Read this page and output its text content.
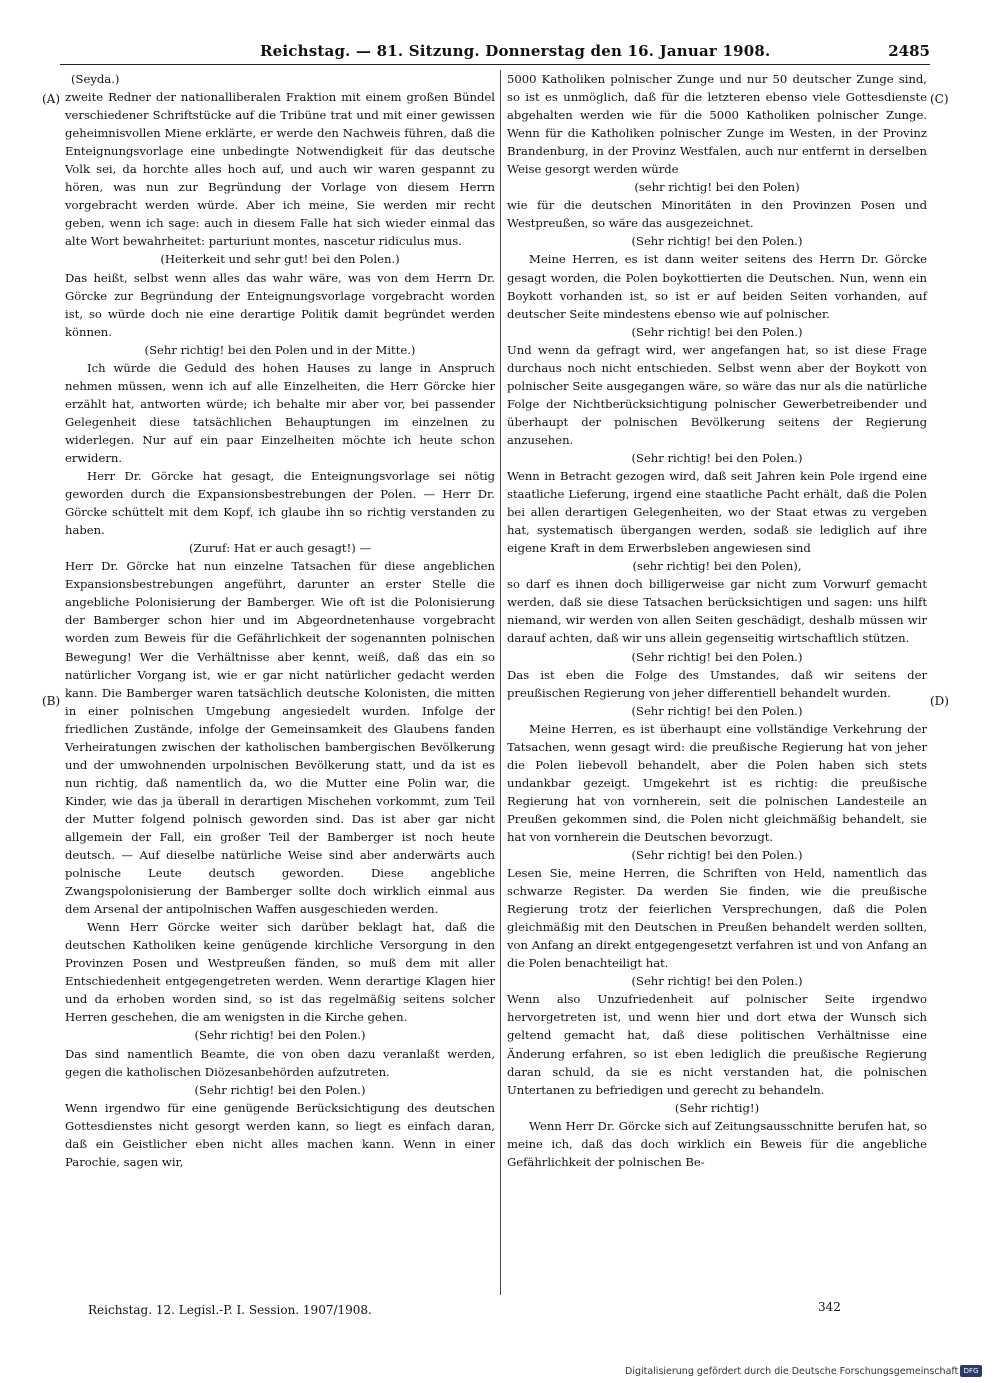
Reichstag. — 81. Sitzung. Donnerstag den 16. Januar 1908.	2485
(A)
(B)
(C)
(D)

(Seyda.)

zweite Redner der nationalliberalen Fraktion mit einem großen Bündel verschiedener Schriftstücke auf die Tribüne trat und mit einer gewissen geheimnisvollen Miene erklärte, er werde den Nachweis führen, daß die Enteignungsvorlage eine unbedingte Notwendigkeit für das deutsche Volk sei, da horchte alles hoch auf, und auch wir waren gespannt zu hören, was nun zur Begründung der Vorlage von diesem Herrn vorgebracht werden würde. Aber ich meine, Sie werden mir recht geben, wenn ich sage: auch in diesem Falle hat sich wieder einmal das alte Wort bewahrheitet: parturiunt montes, nascetur ridiculus mus.

(Heiterkeit und sehr gut! bei den Polen.)

Das heißt, selbst wenn alles das wahr wäre, was von dem Herrn Dr. Görcke zur Begründung der Enteignungsvorlage vorgebracht worden ist, so würde doch nie eine derartige Politik damit begründet werden können.

(Sehr richtig! bei den Polen und in der Mitte.)

Ich würde die Geduld des hohen Hauses zu lange in Anspruch nehmen müssen, wenn ich auf alle Einzelheiten, die Herr Görcke hier erzählt hat, antworten würde; ich behalte mir aber vor, bei passender Gelegenheit diese tatsächlichen Behauptungen im einzelnen zu widerlegen. Nur auf ein paar Einzelheiten möchte ich heute schon erwidern.

Herr Dr. Görcke hat gesagt, die Enteignungsvorlage sei nötig geworden durch die Expansionsbestrebungen der Polen. — Herr Dr. Görcke schüttelt mit dem Kopf, ich glaube ihn so richtig verstanden zu haben.

(Zuruf: Hat er auch gesagt!) —

Herr Dr. Görcke hat nun einzelne Tatsachen für diese angeblichen Expansionsbestrebungen angeführt, darunter an erster Stelle die angebliche Polonisierung der Bamberger. Wie oft ist die Polonisierung der Bamberger schon hier und im Abgeordnetenhause vorgebracht worden zum Beweis für die Gefährlichkeit der sogenannten polnischen Bewegung! Wer die Verhältnisse aber kennt, weiß, daß das ein so natürlicher Vorgang ist, wie er gar nicht natürlicher gedacht werden kann. Die Bamberger waren tatsächlich deutsche Kolonisten, die mitten in einer polnischen Umgebung angesiedelt wurden. Infolge der friedlichen Zustände, infolge der Gemeinsamkeit des Glaubens fanden Verheiratungen zwischen der katholischen bambergischen Bevölkerung und der umwohnenden urpolnischen Bevölkerung statt, und da ist es nun richtig, daß namentlich da, wo die Mutter eine Polin war, die Kinder, wie das ja überall in derartigen Mischehen vorkommt, zum Teil der Mutter folgend polnisch geworden sind. Das ist aber gar nicht allgemein der Fall, ein großer Teil der Bamberger ist noch heute deutsch. — Auf dieselbe natürliche Weise sind aber anderwärts auch polnische Leute deutsch geworden. Diese angebliche Zwangspolonisierung der Bamberger sollte doch wirklich einmal aus dem Arsenal der antipolnischen Waffen ausgeschieden werden.

Wenn Herr Görcke weiter sich darüber beklagt hat, daß die deutschen Katholiken keine genügende kirchliche Versorgung in den Provinzen Posen und Westpreußen fänden, so muß dem mit aller Entschiedenheit entgegengetreten werden. Wenn derartige Klagen hier und da erhoben worden sind, so ist das regelmäßig seitens solcher Herren geschehen, die am wenigsten in die Kirche gehen.

(Sehr richtig! bei den Polen.)

Das sind namentlich Beamte, die von oben dazu veranlaßt werden, gegen die katholischen Diözesanbehörden aufzutreten.

(Sehr richtig! bei den Polen.)

Wenn irgendwo für eine genügende Berücksichtigung des deutschen Gottesdienstes nicht gesorgt werden kann, so liegt es einfach daran, daß ein Geistlicher eben nicht alles machen kann. Wenn in einer Parochie, sagen wir,

5000 Katholiken polnischer Zunge und nur 50 deutscher Zunge sind, so ist es unmöglich, daß für die letzteren ebenso viele Gottesdienste abgehalten werden wie für die 5000 Katholiken polnischer Zunge. Wenn für die Katholiken polnischer Zunge im Westen, in der Provinz Brandenburg, in der Provinz Westfalen, auch nur entfernt in derselben Weise gesorgt werden würde

(sehr richtig! bei den Polen)

wie für die deutschen Minoritäten in den Provinzen Posen und Westpreußen, so wäre das ausgezeichnet.

(Sehr richtig! bei den Polen.)

Meine Herren, es ist dann weiter seitens des Herrn Dr. Görcke gesagt worden, die Polen boykottierten die Deutschen. Nun, wenn ein Boykott vorhanden ist, so ist er auf beiden Seiten vorhanden, auf deutscher Seite mindestens ebenso wie auf polnischer.

(Sehr richtig! bei den Polen.)

Und wenn da gefragt wird, wer angefangen hat, so ist diese Frage durchaus noch nicht entschieden. Selbst wenn aber der Boykott von polnischer Seite ausgegangen wäre, so wäre das nur als die natürliche Folge der Nichtberücksichtigung polnischer Gewerbetreibender und überhaupt der polnischen Bevölkerung seitens der Regierung anzusehen.

(Sehr richtig! bei den Polen.)

Wenn in Betracht gezogen wird, daß seit Jahren kein Pole irgend eine staatliche Lieferung, irgend eine staatliche Pacht erhält, daß die Polen bei allen derartigen Gelegenheiten, wo der Staat etwas zu vergeben hat, systematisch übergangen werden, sodaß sie lediglich auf ihre eigene Kraft in dem Erwerbsleben angewiesen sind

(sehr richtig! bei den Polen),

so darf es ihnen doch billigerweise gar nicht zum Vorwurf gemacht werden, daß sie diese Tatsachen berücksichtigen und sagen: uns hilft niemand, wir werden von allen Seiten geschädigt, deshalb müssen wir darauf achten, daß wir uns allein gegenseitig wirtschaftlich stützen.

(Sehr richtig! bei den Polen.)

Das ist eben die Folge des Umstandes, daß wir seitens der preußischen Regierung von jeher differentiell behandelt wurden.

(Sehr richtig! bei den Polen.)

Meine Herren, es ist überhaupt eine vollständige Verkehrung der Tatsachen, wenn gesagt wird: die preußische Regierung hat von jeher die Polen liebevoll behandelt, aber die Polen haben sich stets undankbar gezeigt. Umgekehrt ist es richtig: die preußische Regierung hat von vornherein, seit die polnischen Landesteile an Preußen gekommen sind, die Polen nicht gleichmäßig behandelt, sie hat von vornherein die Deutschen bevorzugt.

(Sehr richtig! bei den Polen.)

Lesen Sie, meine Herren, die Schriften von Held, namentlich das schwarze Register. Da werden Sie finden, wie die preußische Regierung trotz der feierlichen Versprechungen, daß die Polen gleichmäßig mit den Deutschen in Preußen behandelt werden sollten, von Anfang an direkt entgegengesetzt verfahren ist und von Anfang an die Polen benachteiligt hat.

(Sehr richtig! bei den Polen.)

Wenn also Unzufriedenheit auf polnischer Seite irgendwo hervorgetreten ist, und wenn hier und dort etwa der Wunsch sich geltend gemacht hat, daß diese politischen Verhältnisse eine Änderung erfahren, so ist eben lediglich die preußische Regierung daran schuld, da sie es nicht verstanden hat, die polnischen Untertanen zu befriedigen und gerecht zu behandeln.

(Sehr richtig!)

Wenn Herr Dr. Görcke sich auf Zeitungsausschnitte berufen hat, so meine ich, daß das doch wirklich ein Beweis für die angebliche Gefährlichkeit der polnischen Be-

Reichstag. 12. Legisl.-P. I. Session. 1907/1908.	342
Digitalisierung gefördert durch die Deutsche Forschungsgemeinschaft DFG
